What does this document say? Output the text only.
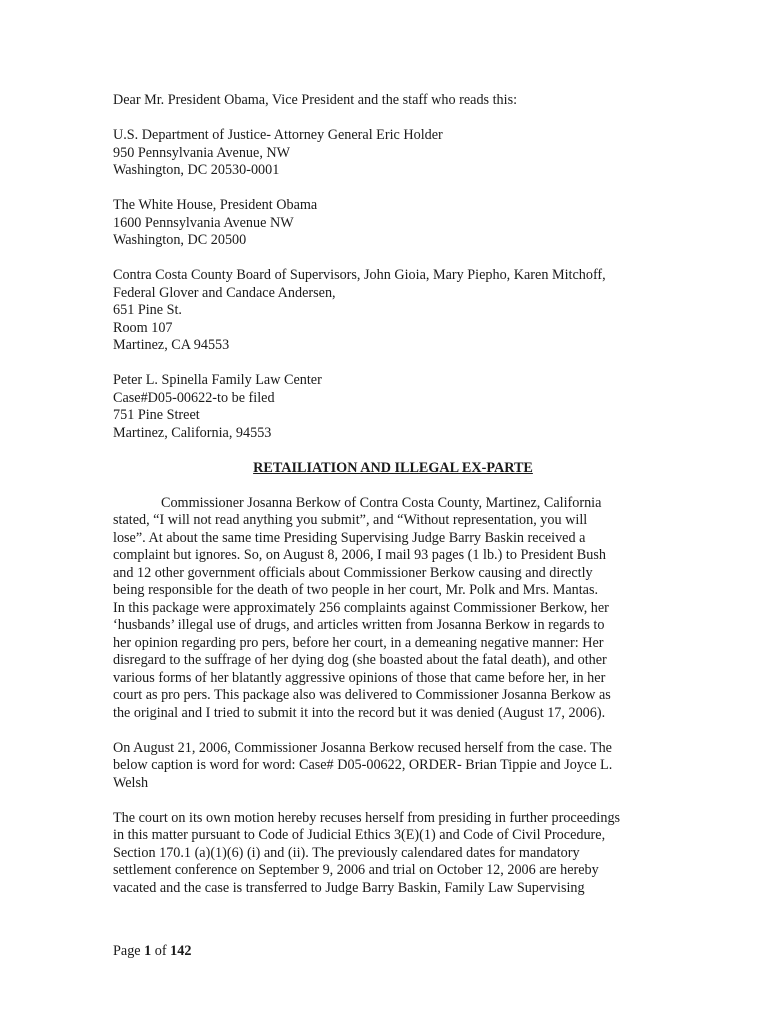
Dear Mr. President Obama, Vice President and the staff who reads this:
U.S. Department of Justice- Attorney General Eric Holder
950 Pennsylvania Avenue, NW
Washington, DC 20530-0001
The White House, President Obama
1600 Pennsylvania Avenue NW
Washington, DC 20500
Contra Costa County Board of Supervisors, John Gioia, Mary Piepho, Karen Mitchoff,
Federal Glover and Candace Andersen,
651 Pine St.
Room 107
Martinez, CA 94553
Peter L. Spinella Family Law Center
Case#D05-00622-to be filed
751 Pine Street
Martinez, California, 94553
RETAILIATION AND ILLEGAL EX-PARTE
Commissioner Josanna Berkow of Contra Costa County, Martinez, California
stated, “I will not read anything you submit”, and “Without representation, you will
lose”. At about the same time Presiding Supervising Judge Barry Baskin received a
complaint but ignores. So, on August 8, 2006, I mail 93 pages (1 lb.) to President Bush
and 12 other government officials about Commissioner Berkow causing and directly
being responsible for the death of two people in her court, Mr. Polk and Mrs. Mantas.
In this package were approximately 256 complaints against Commissioner Berkow, her
‘husbands’ illegal use of drugs, and articles written from Josanna Berkow in regards to
her opinion regarding pro pers, before her court, in a demeaning negative manner: Her
disregard to the suffrage of her dying dog (she boasted about the fatal death), and other
various forms of her blatantly aggressive opinions of those that came before her, in her
court as pro pers. This package also was delivered to Commissioner Josanna Berkow as
the original and I tried to submit it into the record but it was denied (August 17, 2006).
On August 21, 2006, Commissioner Josanna Berkow recused herself from the case. The
below caption is word for word: Case# D05-00622, ORDER- Brian Tippie and Joyce L.
Welsh
The court on its own motion hereby recuses herself from presiding in further proceedings
in this matter pursuant to Code of Judicial Ethics 3(E)(1) and Code of Civil Procedure,
Section 170.1 (a)(1)(6) (i) and (ii). The previously calendared dates for mandatory
settlement conference on September 9, 2006 and trial on October 12, 2006 are hereby
vacated and the case is transferred to Judge Barry Baskin, Family Law Supervising
Page 1 of 142
